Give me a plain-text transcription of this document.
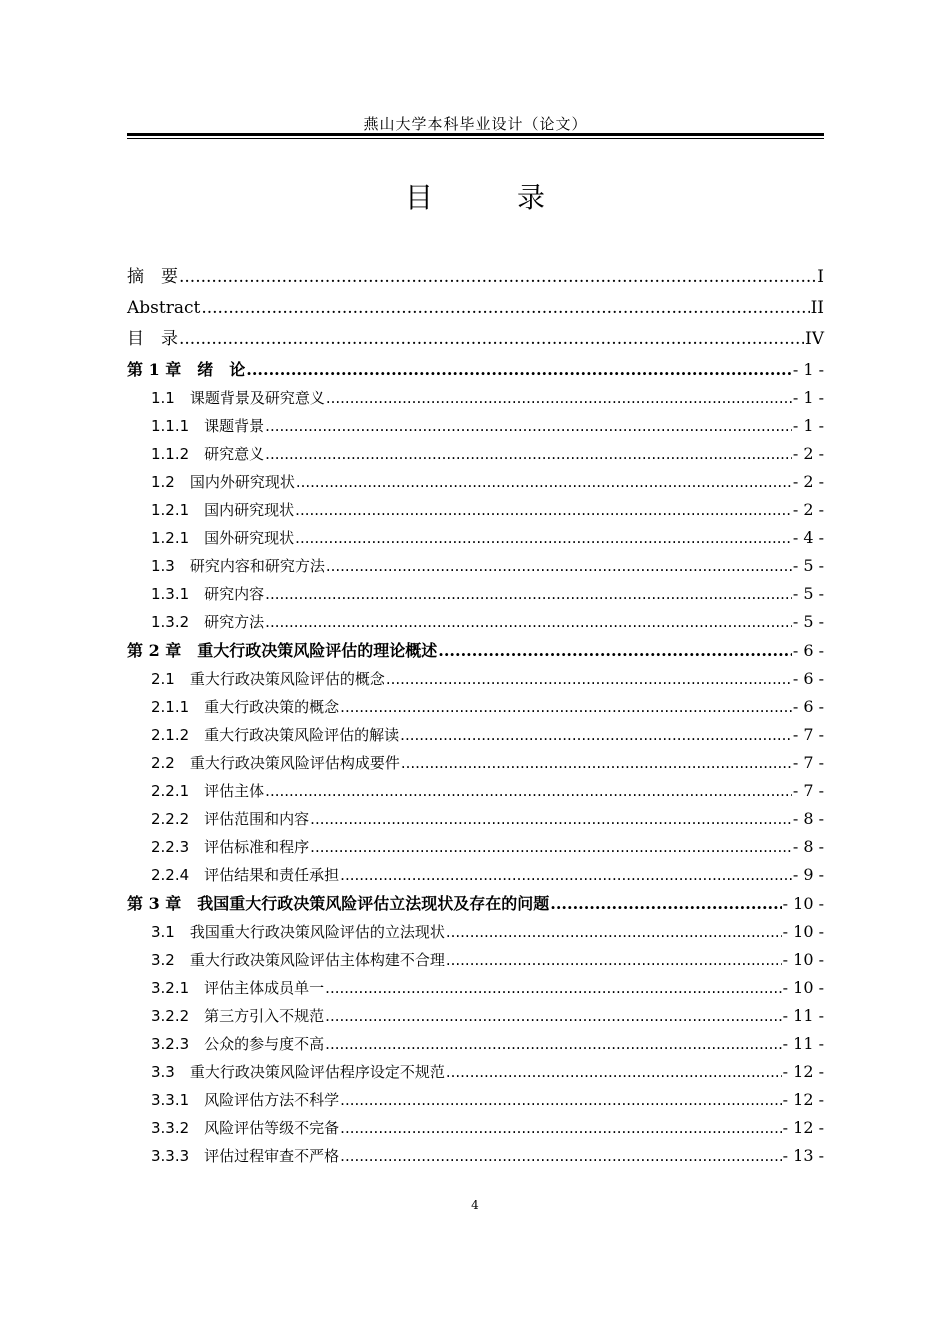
燕山大学本科毕业设计（论文）
目　录
摘　要 .....	I
Abstract .....	II
目　录 .....	IV
第 1 章　绪　论 .....	- 1 -
1.1　课题背景及研究意义 .....	- 1 -
1.1.1　课题背景 .....	- 1 -
1.1.2　研究意义 .....	- 2 -
1.2　国内外研究现状 .....	- 2 -
1.2.1　国内研究现状 .....	- 2 -
1.2.1　国外研究现状 .....	- 4 -
1.3　研究内容和研究方法 .....	- 5 -
1.3.1　研究内容 .....	- 5 -
1.3.2　研究方法 .....	- 5 -
第 2 章　重大行政决策风险评估的理论概述 .....	- 6 -
2.1　重大行政决策风险评估的概念 .....	- 6 -
2.1.1　重大行政决策的概念 .....	- 6 -
2.1.2　重大行政决策风险评估的解读 .....	- 7 -
2.2　重大行政决策风险评估构成要件 .....	- 7 -
2.2.1　评估主体 .....	- 7 -
2.2.2　评估范围和内容 .....	- 8 -
2.2.3　评估标准和程序 .....	- 8 -
2.2.4　评估结果和责任承担 .....	- 9 -
第 3 章　我国重大行政决策风险评估立法现状及存在的问题 .....	- 10 -
3.1　我国重大行政决策风险评估的立法现状 .....	- 10 -
3.2　重大行政决策风险评估主体构建不合理 .....	- 10 -
3.2.1　评估主体成员单一 .....	- 10 -
3.2.2　第三方引入不规范 .....	- 11 -
3.2.3　公众的参与度不高 .....	- 11 -
3.3　重大行政决策风险评估程序设定不规范 .....	- 12 -
3.3.1　风险评估方法不科学 .....	- 12 -
3.3.2　风险评估等级不完备 .....	- 12 -
3.3.3　评估过程审查不严格 .....	- 13 -
4
